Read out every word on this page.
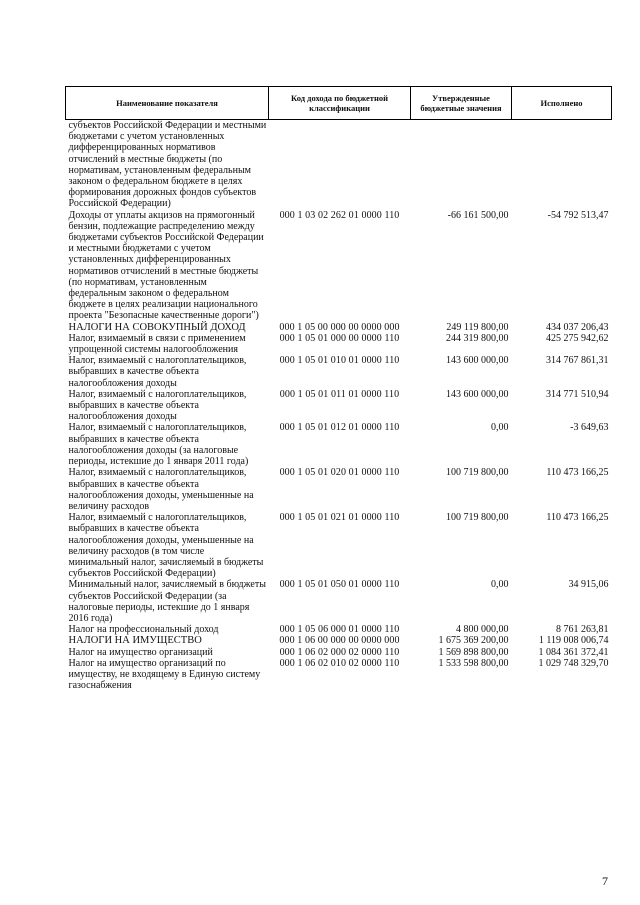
Наименование показателя	Код дохода по бюджетной классификации	Утвержденные бюджетные значения	Исполнено
субъектов Российской Федерации и местными бюджетами с учетом установленных дифференцированных нормативов отчислений в местные бюджеты (по нормативам, установленным федеральным законом о федеральном бюджете в целях формирования дорожных фондов субъектов Российской Федерации)			
Доходы от уплаты акцизов на прямогонный бензин, подлежащие распределению между бюджетами субъектов Российской Федерации и местными бюджетами с учетом установленных дифференцированных нормативов отчислений в местные бюджеты (по нормативам, установленным федеральным законом о федеральном бюджете в целях реализации национального проекта "Безопасные качественные дороги")	000 1 03 02 262 01 0000 110	-66 161 500,00	-54 792 513,47
НАЛОГИ НА СОВОКУПНЫЙ ДОХОД	000 1 05 00 000 00 0000 000	249 119 800,00	434 037 206,43
Налог, взимаемый в связи с применением упрощенной системы налогообложения	000 1 05 01 000 00 0000 110	244 319 800,00	425 275 942,62
Налог, взимаемый с налогоплательщиков, выбравших в качестве объекта налогообложения доходы	000 1 05 01 010 01 0000 110	143 600 000,00	314 767 861,31
Налог, взимаемый с налогоплательщиков, выбравших в качестве объекта налогообложения доходы	000 1 05 01 011 01 0000 110	143 600 000,00	314 771 510,94
Налог, взимаемый с налогоплательщиков, выбравших в качестве объекта налогообложения доходы (за налоговые периоды, истекшие до 1 января 2011 года)	000 1 05 01 012 01 0000 110	0,00	-3 649,63
Налог, взимаемый с налогоплательщиков, выбравших в качестве объекта налогообложения доходы, уменьшенные на величину расходов	000 1 05 01 020 01 0000 110	100 719 800,00	110 473 166,25
Налог, взимаемый с налогоплательщиков, выбравших в качестве объекта налогообложения доходы, уменьшенные на величину расходов (в том числе минимальный налог, зачисляемый в бюджеты субъектов Российской Федерации)	000 1 05 01 021 01 0000 110	100 719 800,00	110 473 166,25
Минимальный налог, зачисляемый в бюджеты субъектов Российской Федерации (за налоговые периоды, истекшие до 1 января 2016 года)	000 1 05 01 050 01 0000 110	0,00	34 915,06
Налог на профессиональный доход	000 1 05 06 000 01 0000 110	4 800 000,00	8 761 263,81
НАЛОГИ НА ИМУЩЕСТВО	000 1 06 00 000 00 0000 000	1 675 369 200,00	1 119 008 006,74
Налог на имущество организаций	000 1 06 02 000 02 0000 110	1 569 898 800,00	1 084 361 372,41
Налог на имущество организаций по имуществу, не входящему в Единую систему газоснабжения	000 1 06 02 010 02 0000 110	1 533 598 800,00	1 029 748 329,70
7
